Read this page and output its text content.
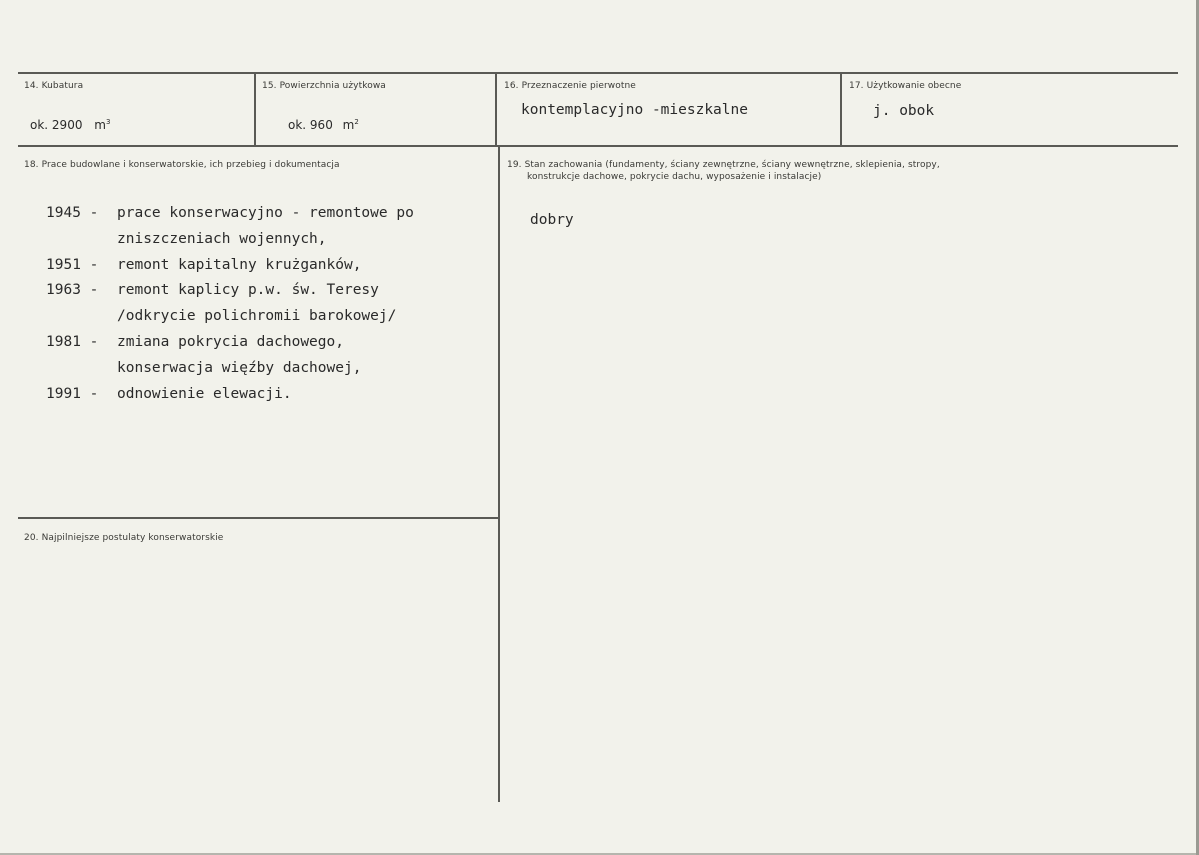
14. Kubatura
ok. 2900 $m^3$
15. Powierzchnia użytkowa
ok. 960 $m^2$
16. Przeznaczenie pierwotne
kontemplacyjno -mieszkalne
17. Użytkowanie obecne
j. obok
18. Prace budowlane i konserwatorskie, ich przebieg i dokumentacja
1945 -	prace konserwacyjno - remontowe po
zniszczeniach wojennych,
1951 -	remont kapitalny krużganków,
1963 -	remont kaplicy p.w. św. Teresy
/odkrycie polichromii barokowej/
1981 -	zmiana pokrycia dachowego,
konserwacja więźby dachowej,
1991 -	odnowienie elewacji.
19. Stan zachowania (fundamenty, ściany zewnętrzne, ściany wewnętrzne, sklepienia, stropy,
konstrukcje dachowe, pokrycie dachu, wyposażenie i instalacje)
dobry
20. Najpilniejsze postulaty konserwatorskie
